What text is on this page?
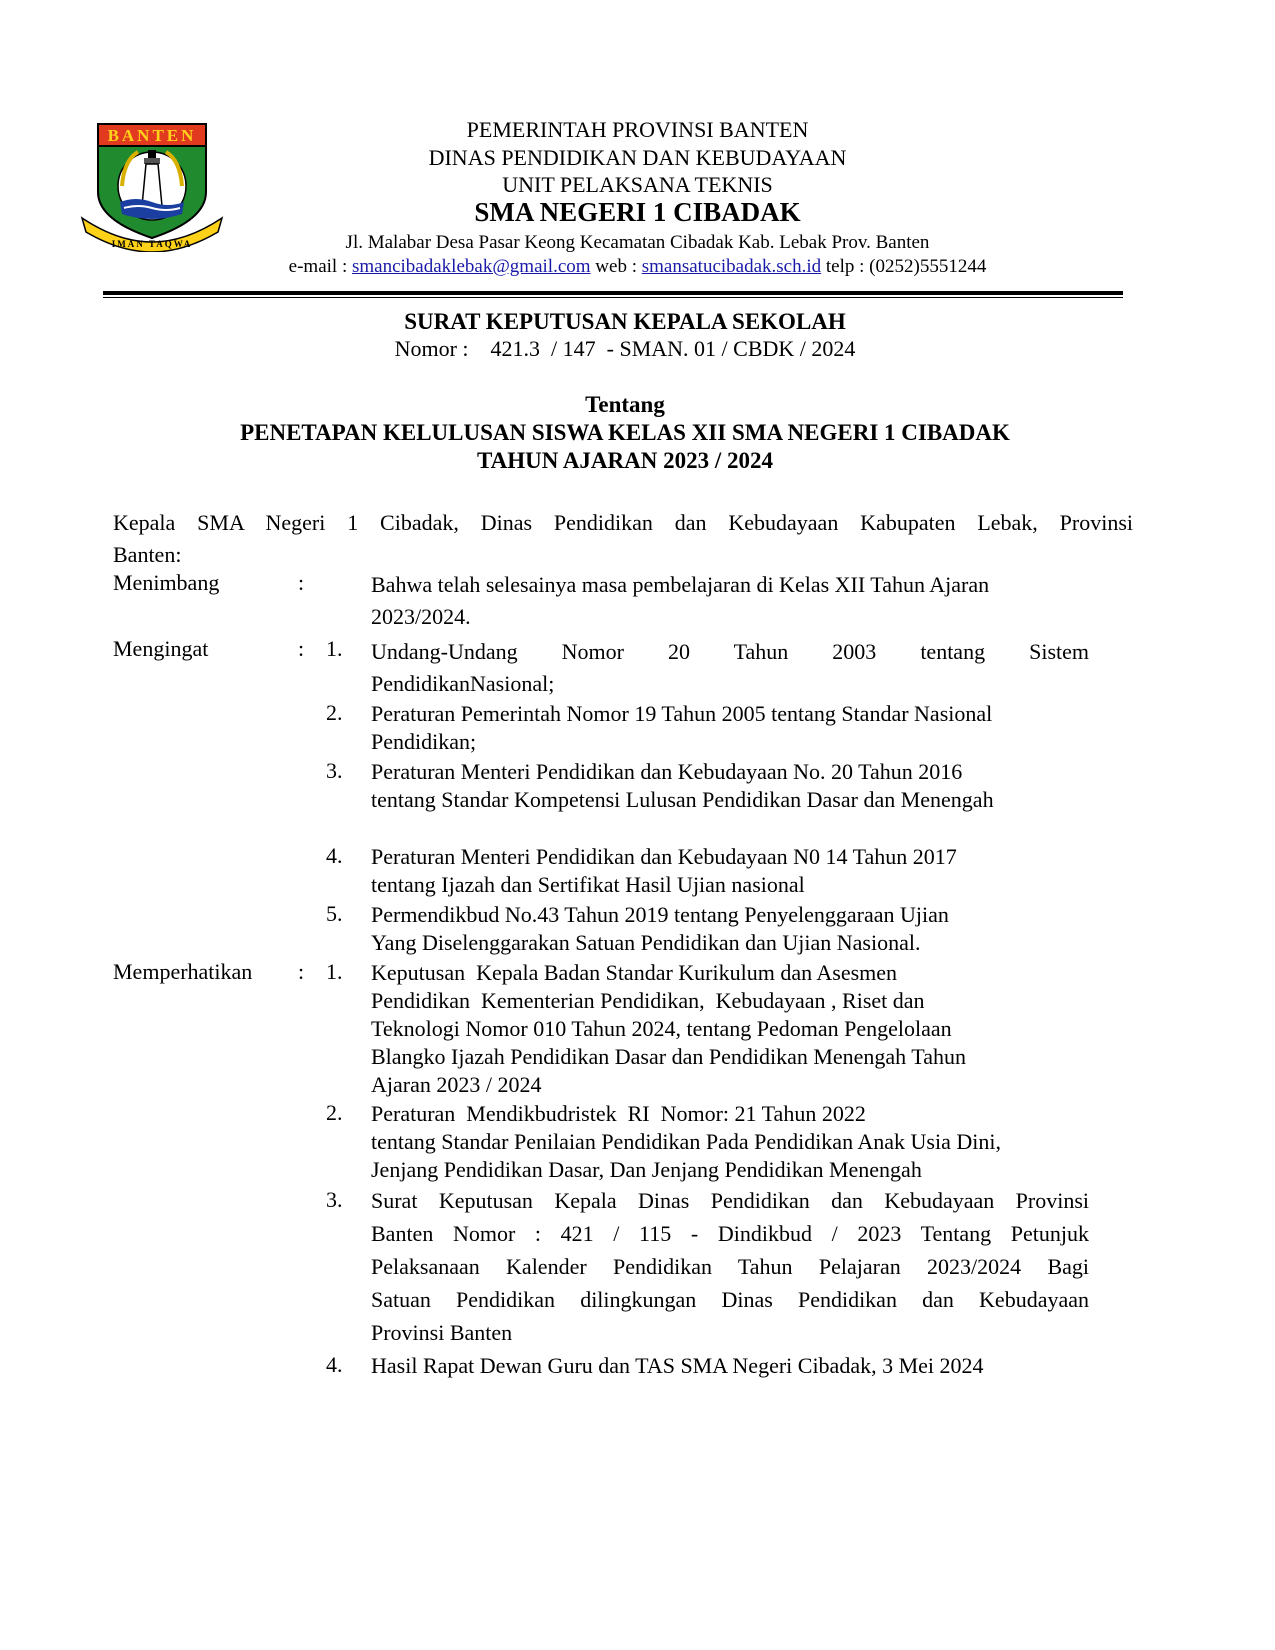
BANTEN
IMAN TAQWA
PEMERINTAH PROVINSI BANTEN
DINAS PENDIDIKAN DAN KEBUDAYAAN
UNIT PELAKSANA TEKNIS
SMA NEGERI 1 CIBADAK
Jl. Malabar Desa Pasar Keong Kecamatan Cibadak Kab. Lebak Prov. Banten
e-mail : smancibadaklebak@gmail.com web : smansatucibadak.sch.id telp : (0252)5551244
SURAT KEPUTUSAN KEPALA SEKOLAH
Nomor :    421.3  / 147  - SMAN. 01 / CBDK / 2024
Tentang
PENETAPAN KELULUSAN SISWA KELAS XII SMA NEGERI 1 CIBADAK
TAHUN AJARAN 2023 / 2024
Kepala SMA Negeri 1 Cibadak, Dinas Pendidikan dan Kebudayaan Kabupaten Lebak, Provinsi
Banten:
Menimbang	:	Bahwa telah selesainya masa pembelajaran di Kelas XII Tahun Ajaran
2023/2024.
Mengingat	: 1. Undang-Undang Nomor 20 Tahun 2003 tentang Sistem
PendidikanNasional;
2. Peraturan Pemerintah Nomor 19 Tahun 2005 tentang Standar Nasional
Pendidikan;
3. Peraturan Menteri Pendidikan dan Kebudayaan No. 20 Tahun 2016
tentang Standar Kompetensi Lulusan Pendidikan Dasar dan Menengah
4. Peraturan Menteri Pendidikan dan Kebudayaan N0 14 Tahun 2017
tentang Ijazah dan Sertifikat Hasil Ujian nasional
5. Permendikbud No.43 Tahun 2019 tentang Penyelenggaraan Ujian
Yang Diselenggarakan Satuan Pendidikan dan Ujian Nasional.
Memperhatikan : 1. Keputusan  Kepala Badan Standar Kurikulum dan Asesmen
Pendidikan  Kementerian Pendidikan,  Kebudayaan , Riset dan
Teknologi Nomor 010 Tahun 2024, tentang Pedoman Pengelolaan
Blangko Ijazah Pendidikan Dasar dan Pendidikan Menengah Tahun
Ajaran 2023 / 2024
2. Peraturan  Mendikbudristek  RI  Nomor: 21 Tahun 2022
tentang Standar Penilaian Pendidikan Pada Pendidikan Anak Usia Dini,
Jenjang Pendidikan Dasar, Dan Jenjang Pendidikan Menengah
3. Surat Keputusan Kepala Dinas Pendidikan dan Kebudayaan Provinsi
Banten Nomor : 421 / 115 - Dindikbud / 2023 Tentang Petunjuk
Pelaksanaan Kalender Pendidikan Tahun Pelajaran 2023/2024 Bagi
Satuan Pendidikan dilingkungan Dinas Pendidikan dan Kebudayaan
Provinsi Banten
4. Hasil Rapat Dewan Guru dan TAS SMA Negeri Cibadak, 3 Mei 2024
